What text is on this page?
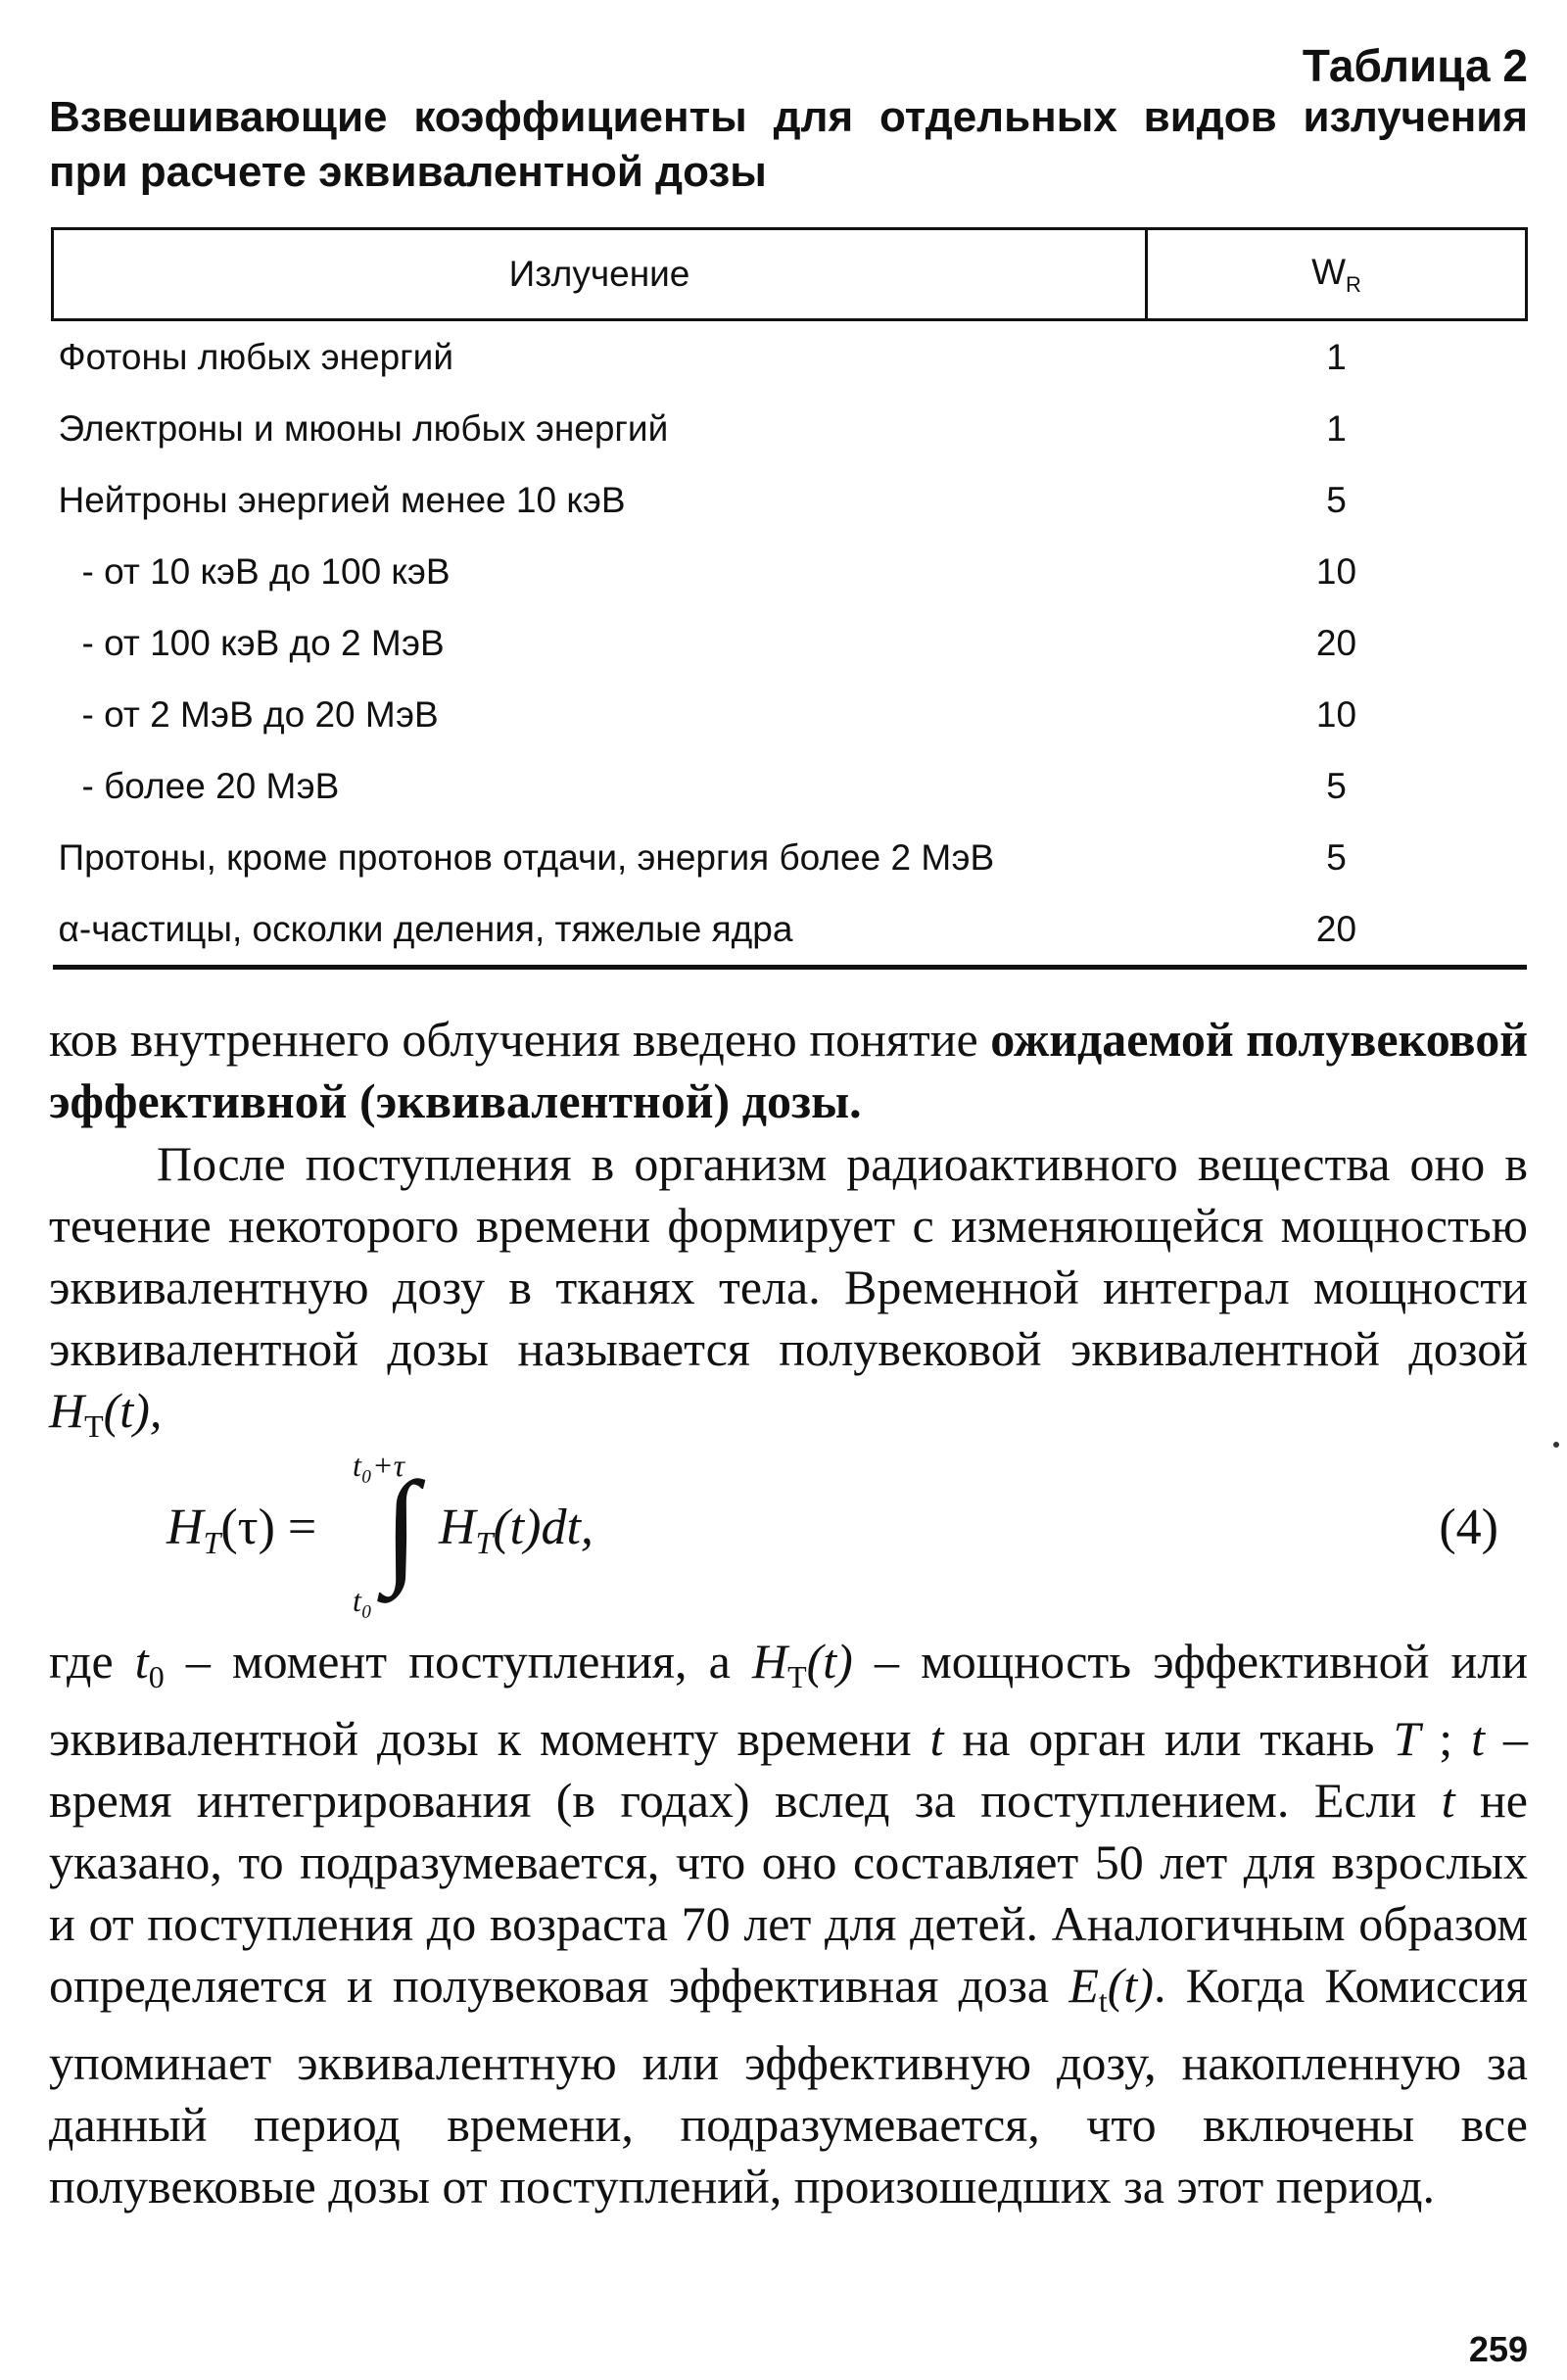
Таблица 2
Взвешивающие коэффициенты для отдельных видов излучения при расчете эквивалентной дозы
Излучение	$W_R$
Фотоны любых энергий	1
Электроны и мюоны любых энергий	1
Нейтроны энергией менее 10 кэВ	5
- от 10 кэВ до 100 кэВ	10
- от 100 кэВ до 2 МэВ	20
- от 2 МэВ до 20 МэВ	10
- более 20 МэВ	5
Протоны, кроме протонов отдачи, энергия более 2 МэВ	5
α-частицы, осколки деления, тяжелые ядра	20

ков внутреннего облучения введено понятие ожидаемой полувековой эффективной (эквивалентной) дозы.

После поступления в организм радиоактивного вещества оно в течение некоторого времени формирует с изменяющейся мощностью эквивалентную дозу в тканях тела. Временной интеграл мощности эквивалентной дозы называется полувековой эквивалентной дозой $H_T(t)$,

$H_T(\tau)$ =
t₀+τ
∫
t₀
$H_T(t)dt$,	(4)

где $t_0$ – момент поступления, а $H_T(t)$ – мощность эффективной или эквивалентной дозы к моменту времени t на орган или ткань T ; t – время интегрирования (в годах) вслед за поступлением. Если t не указано, то подразумевается, что оно составляет 50 лет для взрослых и от поступления до возраста 70 лет для детей. Аналогичным образом определяется и полувековая эффективная доза $E_t(t)$. Когда Комиссия упоминает эквивалентную или эффективную дозу, накопленную за данный период времени, подразумевается, что включены все полувековые дозы от поступлений, произошедших за этот период.

259
